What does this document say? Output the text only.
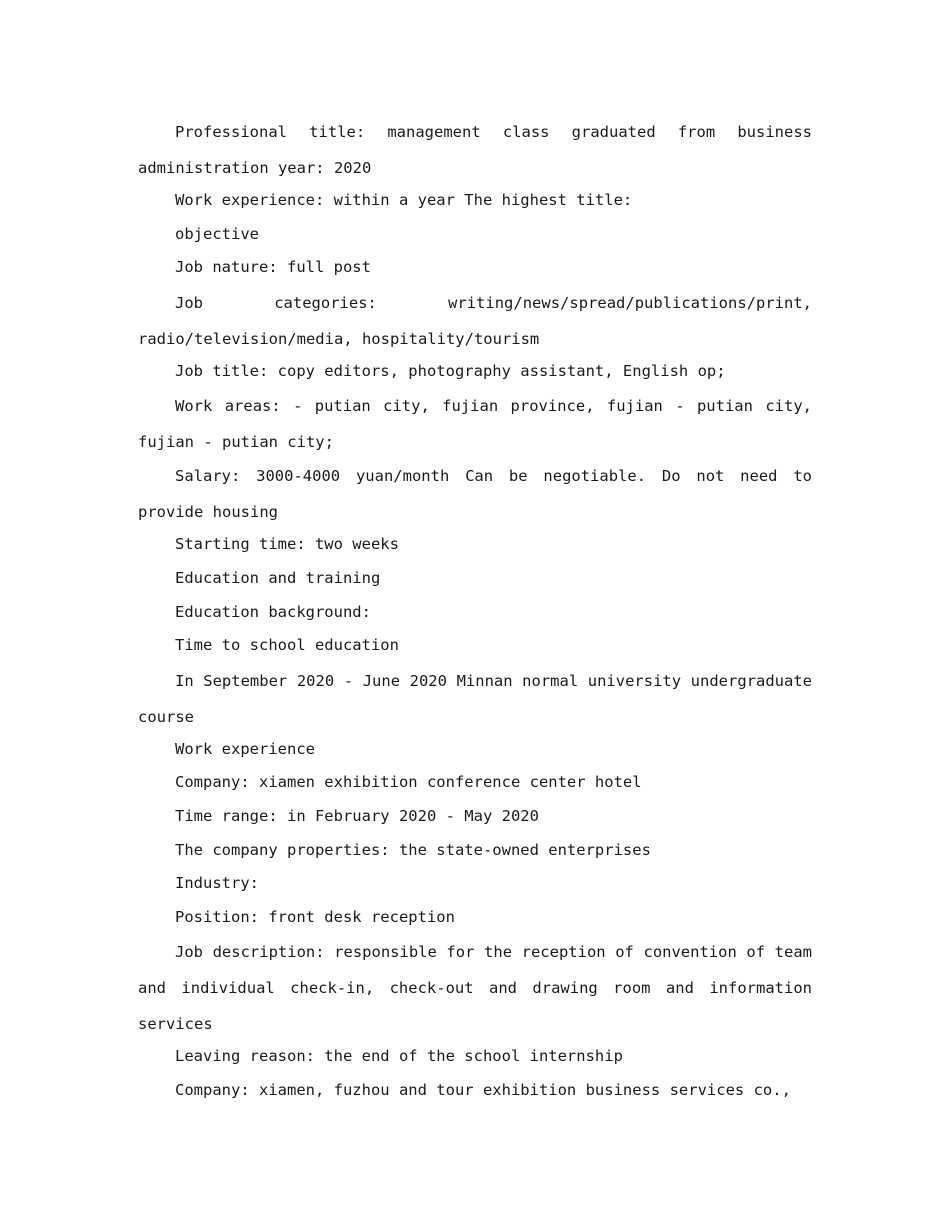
Professional title: management class graduated from business administration year: 2020

Work experience: within a year The highest title:

objective

Job nature: full post

Job categories: writing/news/spread/publications/print, radio/television/media, hospitality/tourism

Job title: copy editors, photography assistant, English op;

Work areas: - putian city, fujian province, fujian - putian city, fujian - putian city;

Salary: 3000-4000 yuan/month Can be negotiable. Do not need to provide housing

Starting time: two weeks

Education and training

Education background:

Time to school education

In September 2020 - June 2020 Minnan normal university undergraduate course

Work experience

Company: xiamen exhibition conference center hotel

Time range: in February 2020 - May 2020

The company properties: the state-owned enterprises

Industry:

Position: front desk reception

Job description: responsible for the reception of convention of team and individual check-in, check-out and drawing room and information services

Leaving reason: the end of the school internship

Company: xiamen, fuzhou and tour exhibition business services co.,
